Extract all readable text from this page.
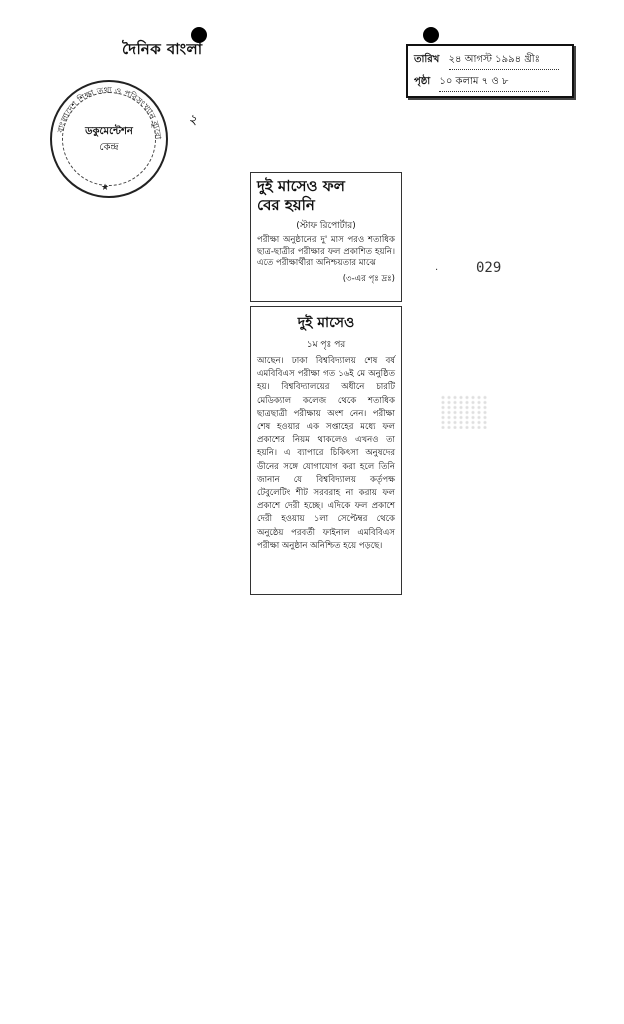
দৈনিক বাংলা
তারিখ ২৪ আগস্ট ১৯৯৪ খ্রীঃ
পৃষ্ঠা ১০ কলাম ৭ ও ৮
বাংলাদেশ শিক্ষা তথ্য ও পরিসংখ্যান ব্যুরো
★
ডকুমেন্টেশন
কেন্দ্র
২
029
·
দুই মাসেও ফল
বের হয়নি
(স্টাফ রিপোর্টার)
পরীক্ষা অনুষ্ঠানের দু' মাস পরও শতাধিক ছাত্র-ছাত্রীর পরীক্ষার ফল প্রকাশিত হয়নি। এতে পরীক্ষার্থীরা অনিশ্চয়তার মাঝে
(৩-এর পৃঃ দ্রঃ)
দুই মাসেও
১ম পৃঃ পর
আছেন। ঢাকা বিশ্ববিদ্যালয় শেষ বর্ষ এমবিবিএস পরীক্ষা গত ১৬ই মে অনুষ্ঠিত হয়। বিশ্ববিদ্যালয়ের অধীনে চারটি মেডিক্যাল কলেজ থেকে শতাধিক ছাত্রছাত্রী পরীক্ষায় অংশ নেন। পরীক্ষা শেষ হওয়ার এক সপ্তাহের মধ্যে ফল প্রকাশের নিয়ম থাকলেও এখনও তা হয়নি। এ ব্যাপারে চিকিৎসা অনুষদের ডীনের সঙ্গে যোগাযোগ করা হলে তিনি জানান যে বিশ্ববিদ্যালয় কর্তৃপক্ষ টেবুলেটিং শীট সরবরাহ না করায় ফল প্রকাশে দেরী হচ্ছে। এদিকে ফল প্রকাশে দেরী হওয়ায় ১লা সেপ্টেম্বর থেকে অনুষ্ঠেয় পরবর্তী ফাইনাল এমবিবিএস পরীক্ষা অনুষ্ঠান অনিশ্চিত হয়ে পড়ছে।
